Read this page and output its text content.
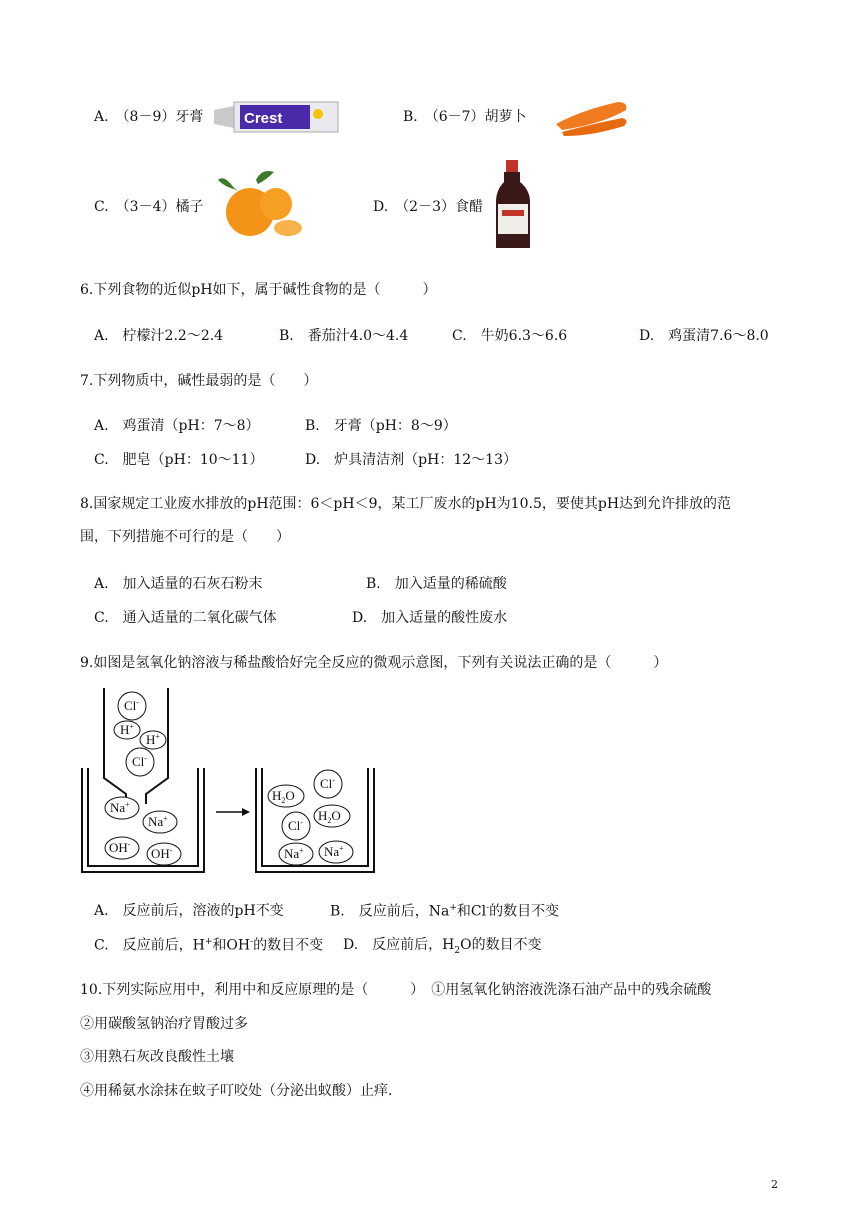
A.　（8－9）牙膏	Crest	B.　（6－7）胡萝卜
C.　（3－4）橘子	D.　（2－3）食醋
6.下列食物的近似pH如下，属于碱性食物的是（　　　）
A.　柠檬汁2.2～2.4	B.　番茄汁4.0～4.4	C.　牛奶6.3～6.6	D.　鸡蛋清7.6～8.0
7.下列物质中，碱性最弱的是（　　）
A.　鸡蛋清（pH：7～8）	B.　牙膏（pH：8～9）
C.　肥皂（pH：10～11）	D.　炉具清洁剂（pH：12～13）
8.国家规定工业废水排放的pH范围：6＜pH＜9，某工厂废水的pH为10.5，要使其pH达到允许排放的范
围，下列措施不可行的是（　　）
A.　加入适量的石灰石粉末	B.　加入适量的稀硫酸
C.　通入适量的二氧化碳气体	D.　加入适量的酸性废水
9.如图是氢氧化钠溶液与稀盐酸恰好完全反应的微观示意图，下列有关说法正确的是（　　　）
Cl-
H+
H+
Cl-
Na+
Na+
OH-
OH-
$H_2O$
Cl-
$H_2O$
Cl-
Na+ Na+
A.　反应前后，溶液的pH不变	B.　反应前后，Na+和Cl-的数目不变
C.　反应前后，H+和OH-的数目不变 D.　反应前后，$H_2O$的数目不变
10.下列实际应用中，利用中和反应原理的是（　　　）　①用氢氧化钠溶液洗涤石油产品中的残余硫酸
②用碳酸氢钠治疗胃酸过多
③用熟石灰改良酸性土壤
④用稀氨水涂抹在蚊子叮咬处（分泌出蚁酸）止痒.
2
